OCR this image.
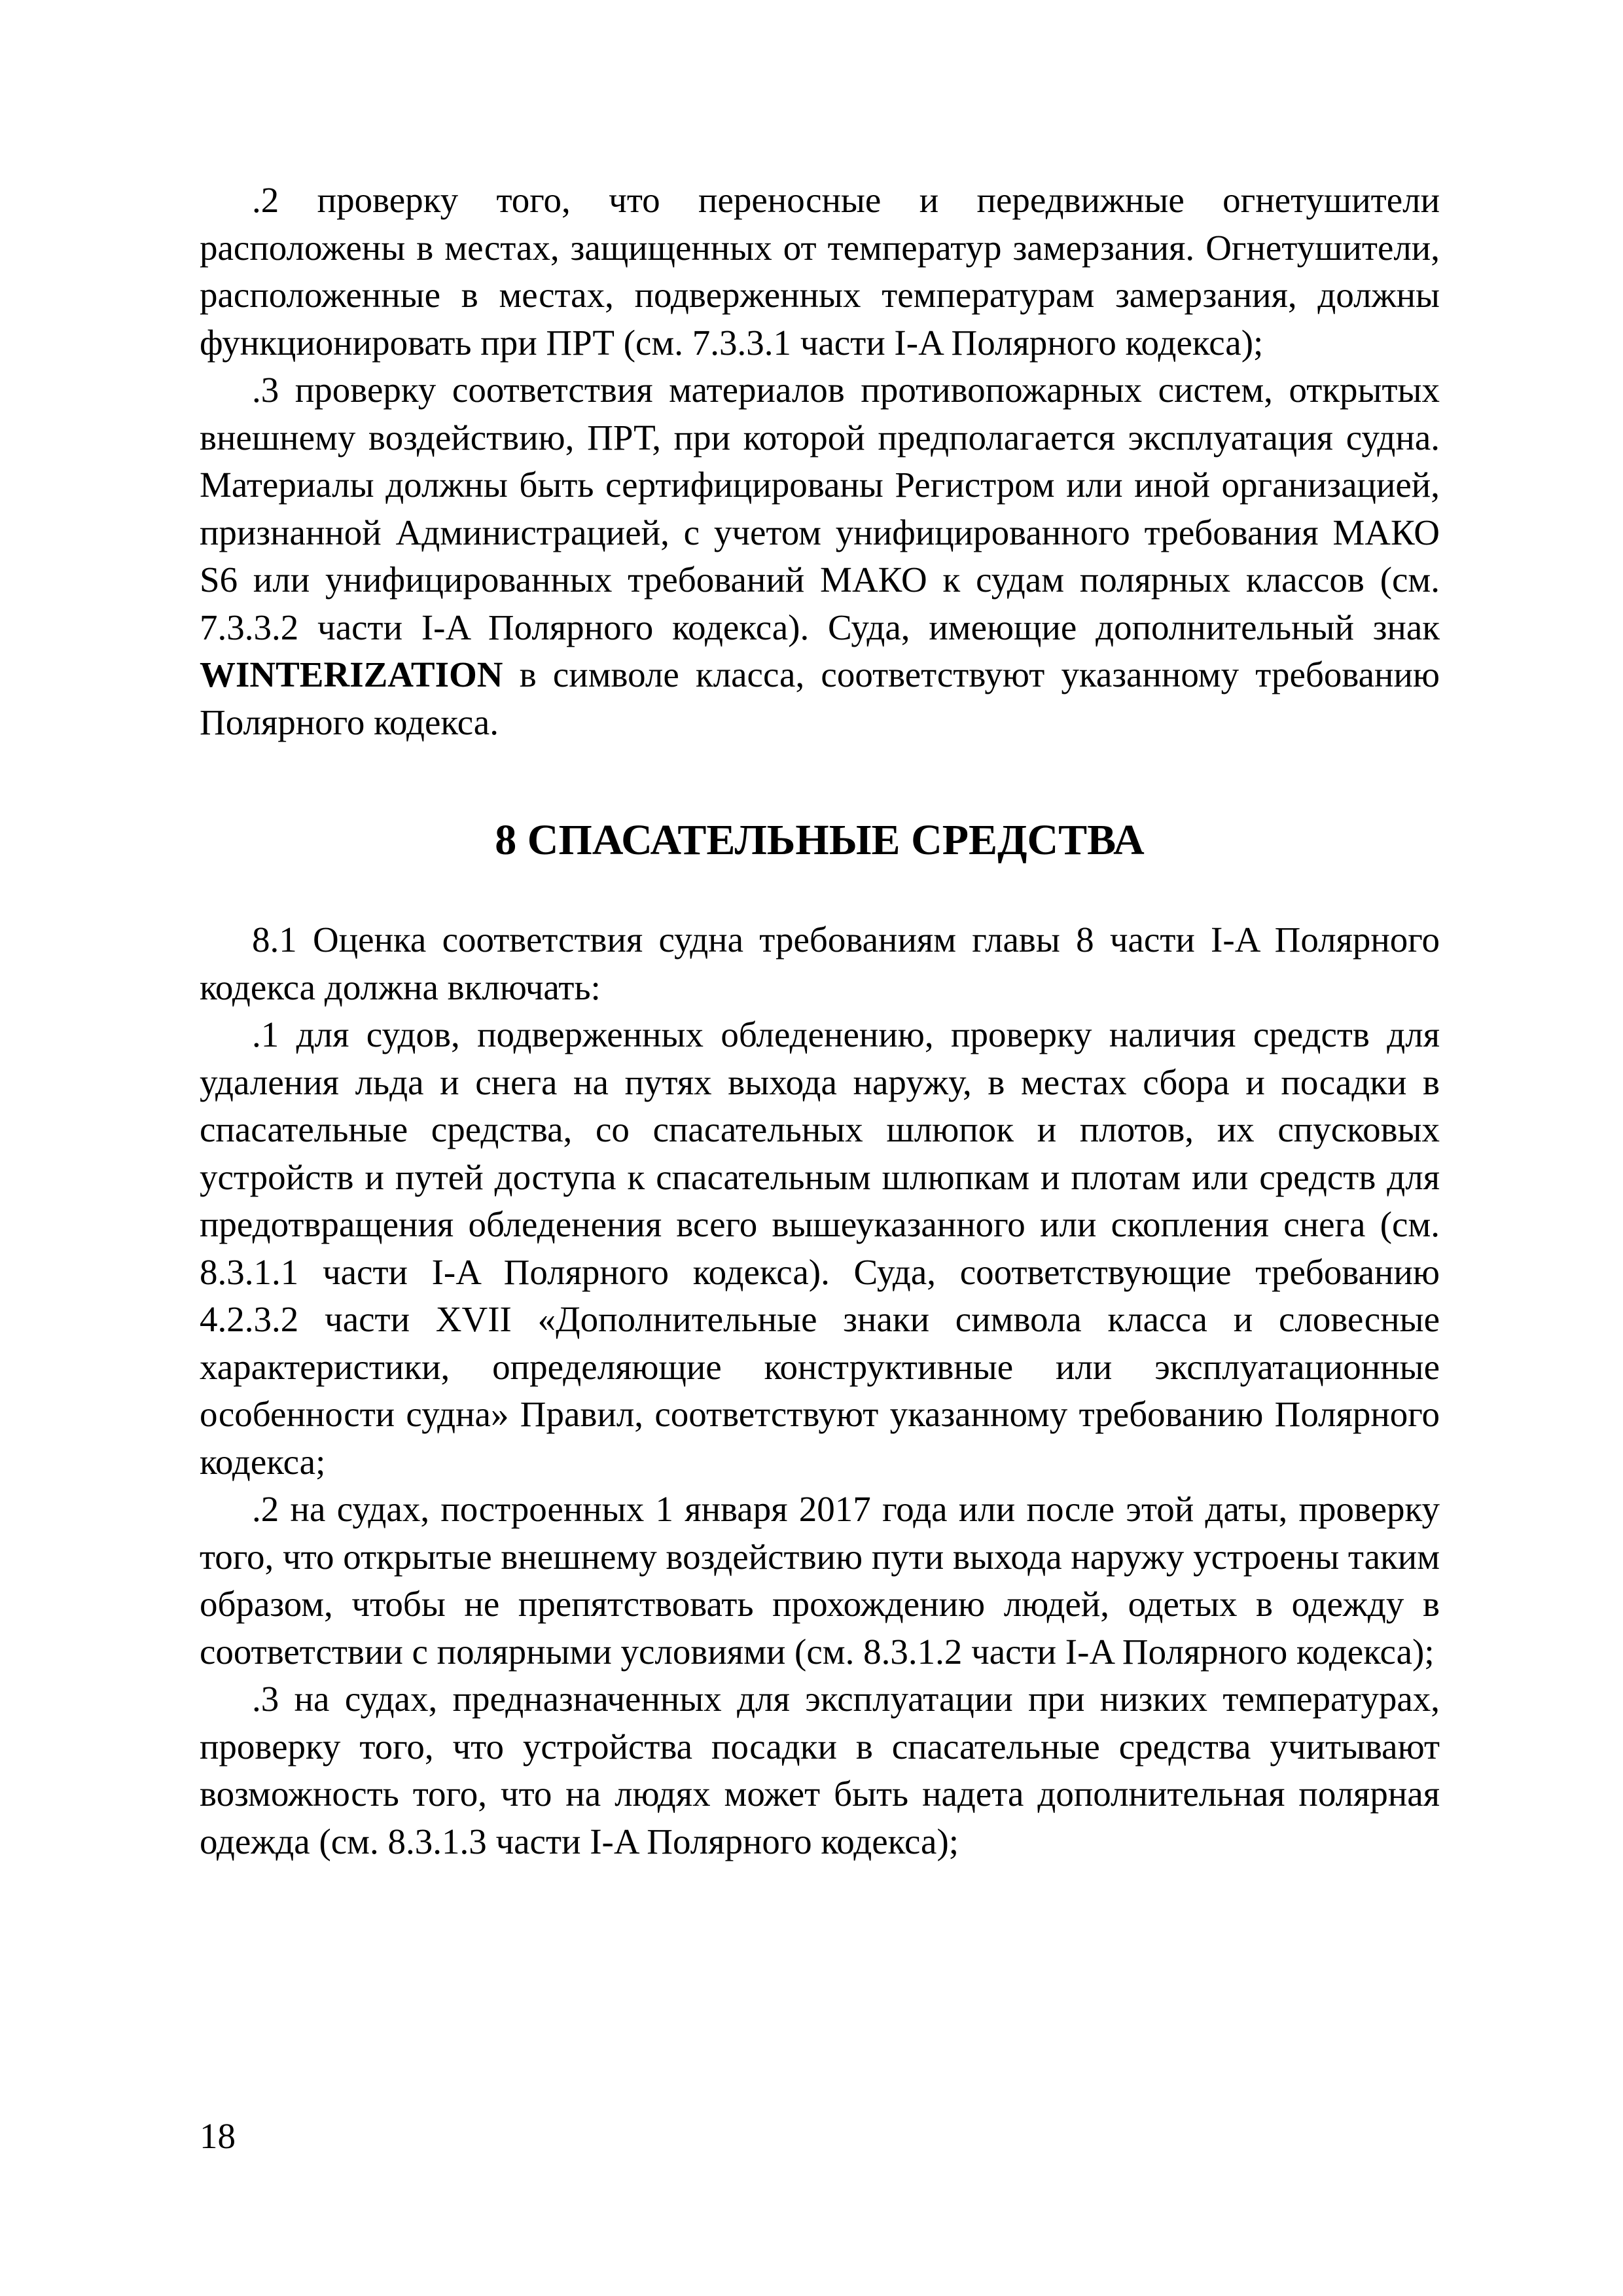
.2 проверку того, что переносные и передвижные огнетушители расположены в местах, защищенных от температур замерзания. Огнетушители, расположенные в местах, подверженных температурам замерзания, должны функционировать при ПРТ (см. 7.3.3.1 части I-A Полярного кодекса);

.3 проверку соответствия материалов противопожарных систем, открытых внешнему воздействию, ПРТ, при которой предполагается эксплуатация судна. Материалы должны быть сертифицированы Регистром или иной организацией, признанной Администрацией, с учетом унифицированного требования МАКО S6 или унифицированных требований МАКО к судам полярных классов (см. 7.3.3.2 части I-A Полярного кодекса). Суда, имеющие дополнительный знак WINTERIZATION в символе класса, соответствуют указанному требованию Полярного кодекса.

8 СПАСАТЕЛЬНЫЕ СРЕДСТВА

8.1 Оценка соответствия судна требованиям главы 8 части I-A Полярного кодекса должна включать:

.1 для судов, подверженных обледенению, проверку наличия средств для удаления льда и снега на путях выхода наружу, в местах сбора и посадки в спасательные средства, со спасательных шлюпок и плотов, их спусковых устройств и путей доступа к спасательным шлюпкам и плотам или средств для предотвращения обледенения всего вышеуказанного или скопления снега (см. 8.3.1.1 части I-A Полярного кодекса). Суда, соответствующие требованию 4.2.3.2 части XVII «Дополнительные знаки символа класса и словесные характеристики, определяющие конструктивные или эксплуатационные особенности судна» Правил, соответствуют указанному требованию Полярного кодекса;

.2 на судах, построенных 1 января 2017 года или после этой даты, проверку того, что открытые внешнему воздействию пути выхода наружу устроены таким образом, чтобы не препятствовать прохождению людей, одетых в одежду в соответствии с полярными условиями (см. 8.3.1.2 части I-A Полярного кодекса);

.3 на судах, предназначенных для эксплуатации при низких температурах, проверку того, что устройства посадки в спасательные средства учитывают возможность того, что на людях может быть надета дополнительная полярная одежда (см. 8.3.1.3 части I-A Полярного кодекса);

18
